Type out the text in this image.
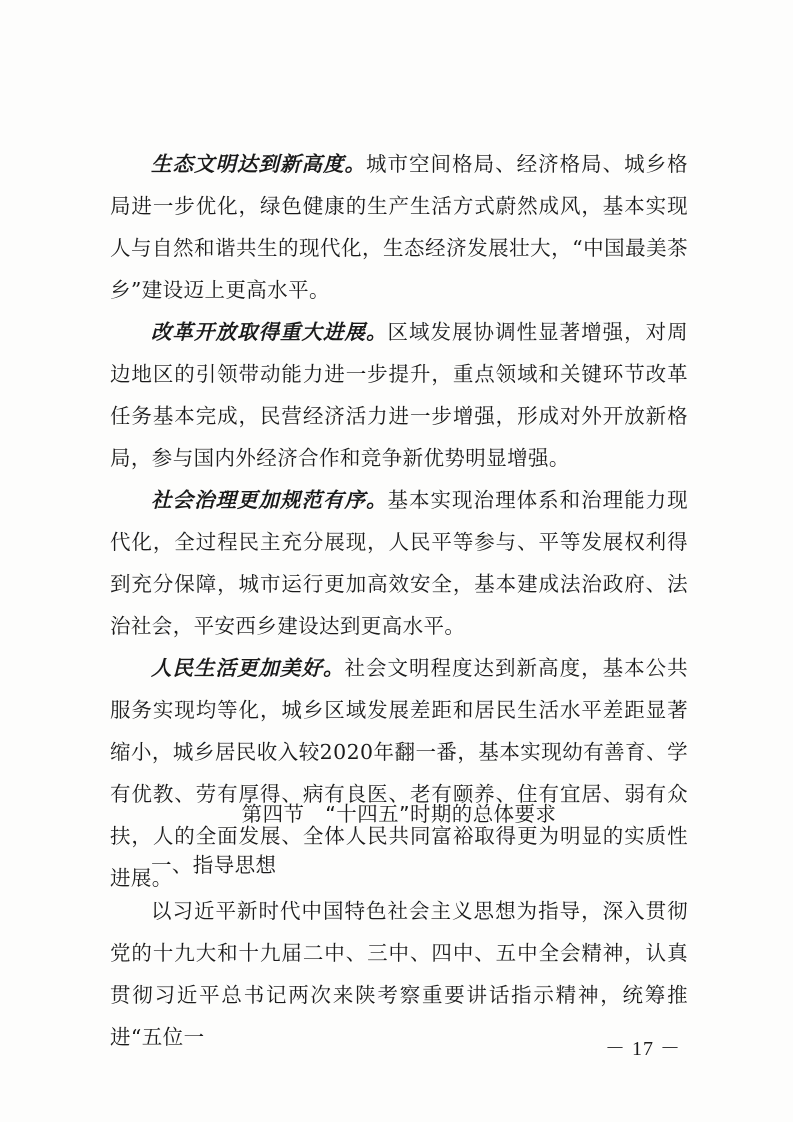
生态文明达到新高度。城市空间格局、经济格局、城乡格局进一步优化，绿色健康的生产生活方式蔚然成风，基本实现人与自然和谐共生的现代化，生态经济发展壮大，“中国最美茶乡”建设迈上更高水平。

改革开放取得重大进展。区域发展协调性显著增强，对周边地区的引领带动能力进一步提升，重点领域和关键环节改革任务基本完成，民营经济活力进一步增强，形成对外开放新格局，参与国内外经济合作和竞争新优势明显增强。

社会治理更加规范有序。基本实现治理体系和治理能力现代化，全过程民主充分展现，人民平等参与、平等发展权利得到充分保障，城市运行更加高效安全，基本建成法治政府、法治社会，平安西乡建设达到更高水平。

人民生活更加美好。社会文明程度达到新高度，基本公共服务实现均等化，城乡区域发展差距和居民生活水平差距显著缩小，城乡居民收入较2020年翻一番，基本实现幼有善育、学有优教、劳有厚得、病有良医、老有颐养、住有宜居、弱有众扶，人的全面发展、全体人民共同富裕取得更为明显的实质性进展。

第四节　“十四五”时期的总体要求
一、指导思想

以习近平新时代中国特色社会主义思想为指导，深入贯彻党的十九大和十九届二中、三中、四中、五中全会精神，认真贯彻习近平总书记两次来陕考察重要讲话指示精神，统筹推进“五位一	－ 17 －
